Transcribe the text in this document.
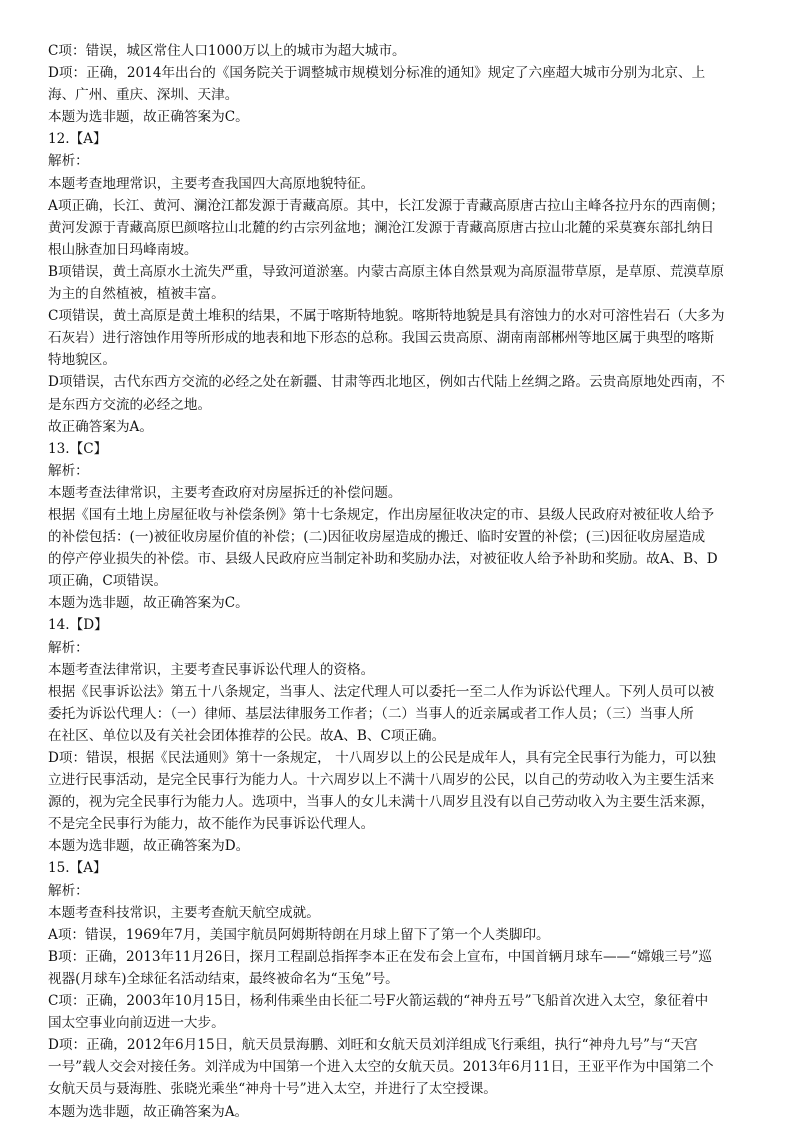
C项：错误，城区常住人口1000万以上的城市为超大城市。

D项：正确，2014年出台的《国务院关于调整城市规模划分标准的通知》规定了六座超大城市分别为北京、上

海、广州、重庆、深圳、天津。

本题为选非题，故正确答案为C。

12.【A】

解析：

本题考查地理常识，主要考查我国四大高原地貌特征。

A项正确，长江、黄河、澜沧江都发源于青藏高原。其中，长江发源于青藏高原唐古拉山主峰各拉丹东的西南侧；

黄河发源于青藏高原巴颜喀拉山北麓的约古宗列盆地；澜沧江发源于青藏高原唐古拉山北麓的采莫赛东部扎纳日

根山脉查加日玛峰南坡。

B项错误，黄土高原水土流失严重，导致河道淤塞。内蒙古高原主体自然景观为高原温带草原，是草原、荒漠草原

为主的自然植被，植被丰富。

C项错误，黄土高原是黄土堆积的结果，不属于喀斯特地貌。喀斯特地貌是具有溶蚀力的水对可溶性岩石（大多为

石灰岩）进行溶蚀作用等所形成的地表和地下形态的总称。我国云贵高原、湖南南部郴州等地区属于典型的喀斯

特地貌区。

D项错误，古代东西方交流的必经之处在新疆、甘肃等西北地区，例如古代陆上丝绸之路。云贵高原地处西南，不

是东西方交流的必经之地。

故正确答案为A。

13.【C】

解析：

本题考查法律常识，主要考查政府对房屋拆迁的补偿问题。

根据《国有土地上房屋征收与补偿条例》第十七条规定，作出房屋征收决定的市、县级人民政府对被征收人给予

的补偿包括：(一)被征收房屋价值的补偿；(二)因征收房屋造成的搬迁、临时安置的补偿；(三)因征收房屋造成

的停产停业损失的补偿。市、县级人民政府应当制定补助和奖励办法，对被征收人给予补助和奖励。故A、B、D

项正确，C项错误。

本题为选非题，故正确答案为C。

14.【D】

解析：

本题考查法律常识，主要考查民事诉讼代理人的资格。

根据《民事诉讼法》第五十八条规定，当事人、法定代理人可以委托一至二人作为诉讼代理人。下列人员可以被

委托为诉讼代理人：（一）律师、基层法律服务工作者；（二）当事人的近亲属或者工作人员；（三）当事人所

在社区、单位以及有关社会团体推荐的公民。故A、B、C项正确。

D项：错误，根据《民法通则》第十一条规定， 十八周岁以上的公民是成年人，具有完全民事行为能力，可以独

立进行民事活动，是完全民事行为能力人。十六周岁以上不满十八周岁的公民，以自己的劳动收入为主要生活来

源的，视为完全民事行为能力人。选项中，当事人的女儿未满十八周岁且没有以自己劳动收入为主要生活来源，

不是完全民事行为能力，故不能作为民事诉讼代理人。

本题为选非题，故正确答案为D。

15.【A】

解析：

本题考查科技常识，主要考查航天航空成就。

A项：错误，1969年7月，美国宇航员阿姆斯特朗在月球上留下了第一个人类脚印。

B项：正确，2013年11月26日，探月工程副总指挥李本正在发布会上宣布，中国首辆月球车——“嫦娥三号”巡

视器(月球车)全球征名活动结束，最终被命名为“玉兔”号。

C项：正确，2003年10月15日，杨利伟乘坐由长征二号F火箭运载的“神舟五号”飞船首次进入太空，象征着中

国太空事业向前迈进一大步。

D项：正确，2012年6月15日，航天员景海鹏、刘旺和女航天员刘洋组成飞行乘组，执行“神舟九号”与“天宫

一号”载人交会对接任务。刘洋成为中国第一个进入太空的女航天员。2013年6月11日，王亚平作为中国第二个

女航天员与聂海胜、张晓光乘坐“神舟十号”进入太空，并进行了太空授课。

本题为选非题，故正确答案为A。
